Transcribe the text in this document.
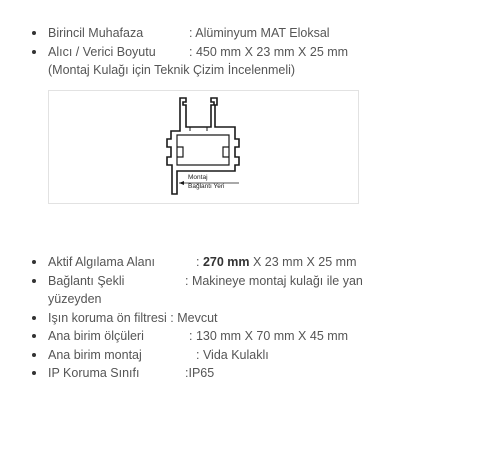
Birincil Muhafaza	: Alüminyum MAT Eloksal
Alıcı / Verici Boyutu	: 450 mm X 23 mm X 25 mm (Montaj Kulağı için Teknik Çizim İncelenmeli)
Montaj
Bağlantı Yeri
Aktif Algılama Alanı	: 270 mm X 23 mm X 25 mm
Bağlantı Şekli	: Makineye montaj kulağı ile yan yüzeyden
Işın koruma ön filtresi : Mevcut
Ana birim ölçüleri	: 130 mm X 70 mm X 45 mm
Ana birim montaj	: Vida Kulaklı
IP Koruma Sınıfı	:IP65
